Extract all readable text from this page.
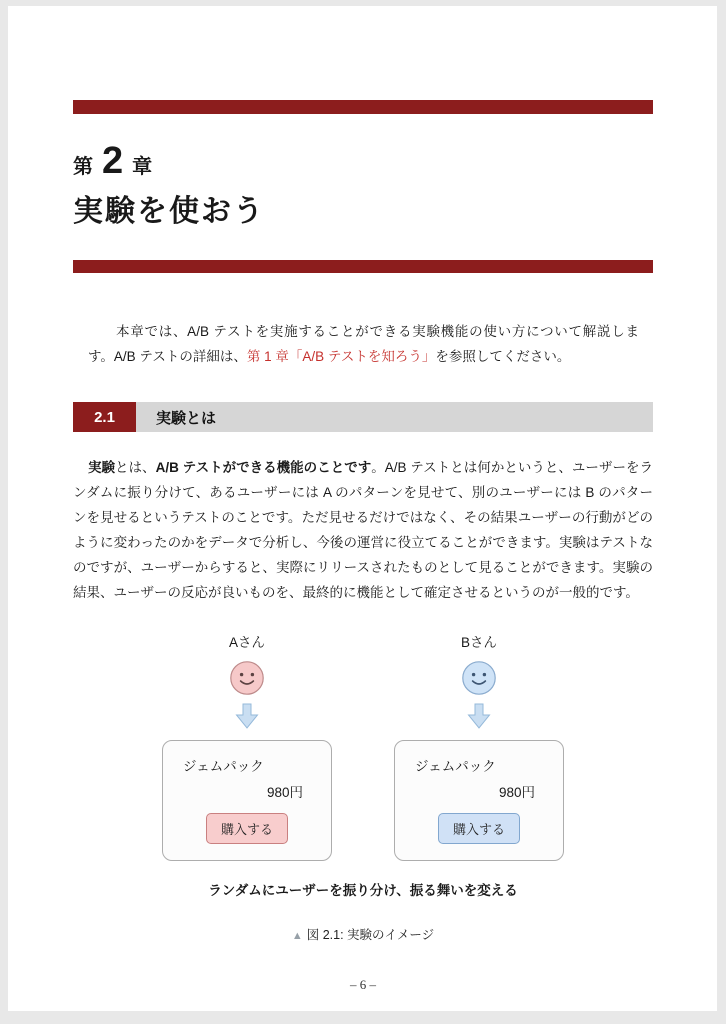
第 2 章
実験を使おう

本章では、A/B テストを実施することができる実験機能の使い方について解説します。A/B テストの詳細は、第 1 章「A/B テストを知ろう」を参照してください。

2.1	実験とは

実験とは、A/B テストができる機能のことです。A/B テストとは何かというと、ユーザーをランダムに振り分けて、あるユーザーには A のパターンを見せて、別のユーザーには B のパターンを見せるというテストのことです。ただ見せるだけではなく、その結果ユーザーの行動がどのように変わったのかをデータで分析し、今後の運営に役立てることができます。実験はテストなのですが、ユーザーからすると、実際にリリースされたものとして見ることができます。実験の結果、ユーザーの反応が良いものを、最終的に機能として確定させるというのが一般的です。

Aさん
ジェムパック
980円
購入する
Bさん
ジェムパック
980円
購入する
ランダムにユーザーを振り分け、振る舞いを変える
▲ 図 2.1: 実験のイメージ
– 6 –
